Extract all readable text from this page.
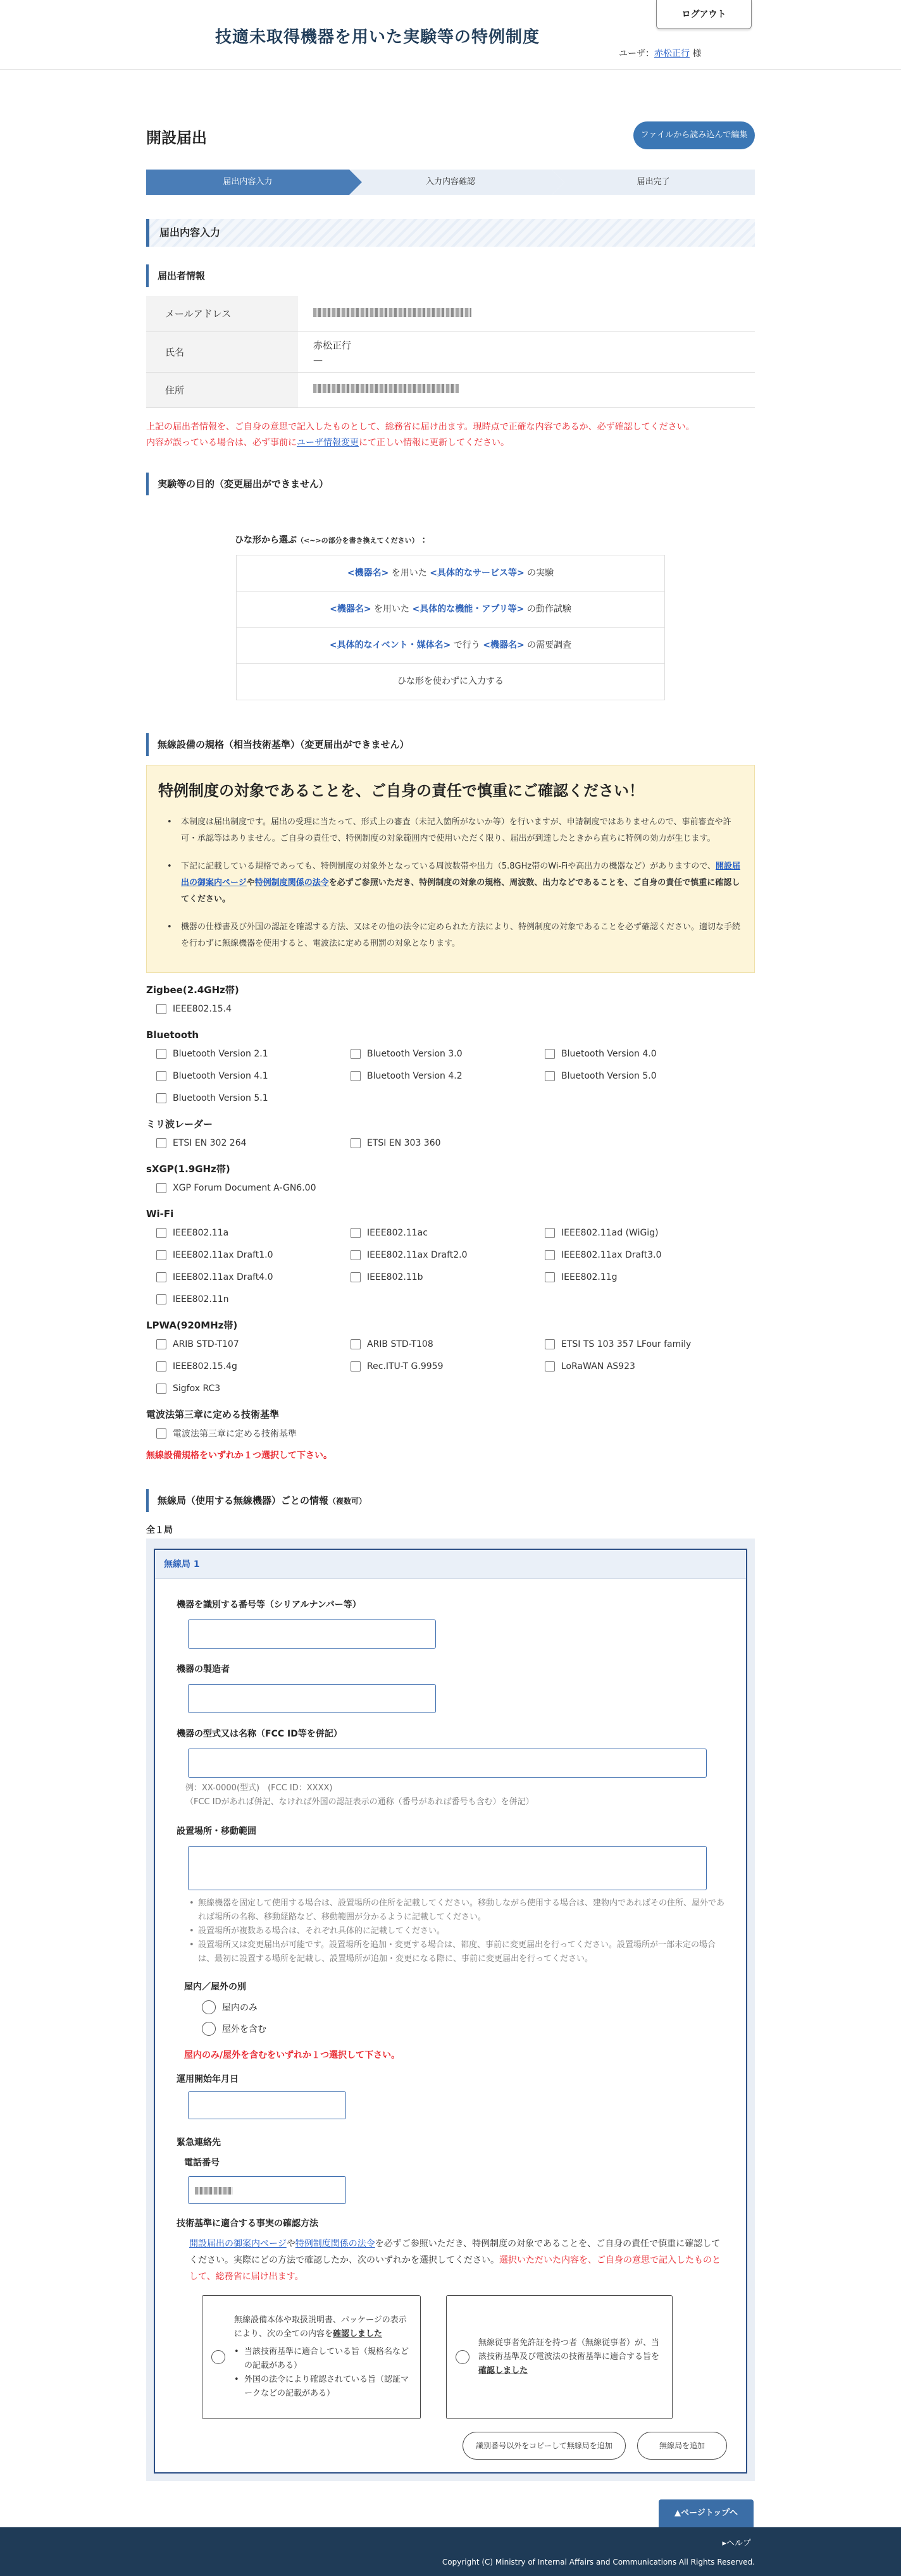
技適未取得機器を用いた実験等の特例制度
ログアウト
ユーザ：赤松正行 様
開設届出	ファイルから読み込んで編集
届出内容入力	入力内容確認	届出完了
届出内容入力
届出者情報
メールアドレス	
氏名	赤松正行
—

住所	
上記の届出者情報を、ご自身の意思で記入したものとして、総務省に届け出ます。現時点で正確な内容であるか、必ず確認してください。
内容が誤っている場合は、必ず事前にユーザ情報変更にて正しい情報に更新してください。
実験等の目的（変更届出ができません）
ひな形から選ぶ（<~>の部分を書き換えてください） ：
<機器名> を用いた <具体的なサービス等> の実験
<機器名> を用いた <具体的な機能・アプリ等> の動作試験
<具体的なイベント・媒体名> で行う <機器名> の需要調査
ひな形を使わずに入力する
無線設備の規格（相当技術基準）（変更届出ができません）
特例制度の対象であることを、ご自身の責任で慎重にご確認ください！
• 本制度は届出制度です。届出の受理に当たって、形式上の審査（未記入箇所がないか等）を行いますが、申請制度ではありませんので、事前審査や許可・承認等はありません。ご自身の責任で、特例制度の対象範囲内で使用いただく限り、届出が到達したときから直ちに特例の効力が生じます。
• 下記に記載している規格であっても、特例制度の対象外となっている周波数帯や出力（5.8GHz帯のWi-Fiや高出力の機器など）がありますので、開設届出の御案内ページや特例制度関係の法令を必ずご参照いただき、特例制度の対象の規格、周波数、出力などであることを、ご自身の責任で慎重に確認してください。
• 機器の仕様書及び外国の認証を確認する方法、又はその他の法令に定められた方法により、特例制度の対象であることを必ず確認ください。適切な手続を行わずに無線機器を使用すると、電波法に定める刑罰の対象となります。
Zigbee(2.4GHz帯)
IEEE802.15.4
Bluetooth
Bluetooth Version 2.1	Bluetooth Version 3.0	Bluetooth Version 4.0
Bluetooth Version 4.1	Bluetooth Version 4.2	Bluetooth Version 5.0
Bluetooth Version 5.1
ミリ波レーダー
ETSI EN 302 264	ETSI EN 303 360
sXGP(1.9GHz帯)
XGP Forum Document A-GN6.00
Wi-Fi
IEEE802.11a	IEEE802.11ac	IEEE802.11ad (WiGig)
IEEE802.11ax Draft1.0	IEEE802.11ax Draft2.0	IEEE802.11ax Draft3.0
IEEE802.11ax Draft4.0	IEEE802.11b	IEEE802.11g
IEEE802.11n
LPWA(920MHz帯)
ARIB STD-T107	ARIB STD-T108	ETSI TS 103 357 LFour family
IEEE802.15.4g	Rec.ITU-T G.9959	LoRaWAN AS923
Sigfox RC3
電波法第三章に定める技術基準
電波法第三章に定める技術基準
無線設備規格をいずれか１つ選択して下さい。
無線局（使用する無線機器）ごとの情報（複数可）
全１局
無線局 1
機器を識別する番号等（シリアルナンバー等）
機器の製造者
機器の型式又は名称（FCC ID等を併記）
例：XX-0000(型式)　(FCC ID：XXXX)
（FCC IDがあれば併記、なければ外国の認証表示の通称（番号があれば番号も含む）を併記）
設置場所・移動範囲
• 無線機器を固定して使用する場合は、設置場所の住所を記載してください。移動しながら使用する場合は、建物内であればその住所、屋外であれば場所の名称、移動経路など、移動範囲が分かるように記載してください。
• 設置場所が複数ある場合は、それぞれ具体的に記載してください。
• 設置場所又は変更届出が可能です。設置場所を追加・変更する場合は、都度、事前に変更届出を行ってください。設置場所が一部未定の場合は、最初に設置する場所を記載し、設置場所が追加・変更になる際に、事前に変更届出を行ってください。
屋内／屋外の別
屋内のみ
屋外を含む
屋内のみ/屋外を含むをいずれか１つ選択して下さい。
運用開始年月日
緊急連絡先
電話番号
技術基準に適合する事実の確認方法
開設届出の御案内ページや特例制度関係の法令を必ずご参照いただき、特例制度の対象であることを、ご自身の責任で慎重に確認してください。実際にどの方法で確認したか、次のいずれかを選択してください。選択いただいた内容を、ご自身の意思で記入したものとして、総務省に届け出ます。
無線設備本体や取扱説明書、パッケージの表示により、次の全ての内容を確認しました
• 当該技術基準に適合している旨（規格名などの記載がある）
• 外国の法令により確認されている旨（認証マークなどの記載がある）
無線従事者免許証を持つ者（無線従事者）が、当該技術基準及び電波法の技術基準に適合する旨を確認しました
識別番号以外をコピーして無線局を追加	無線局を追加
▲ページトップへ
▸ヘルプ
Copyright (C) Ministry of Internal Affairs and Communications All Rights Reserved.
